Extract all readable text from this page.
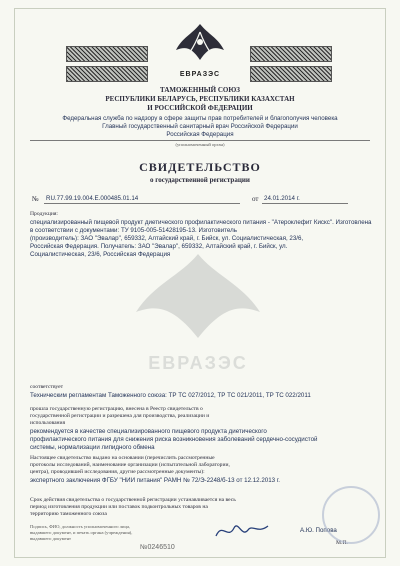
ЕВРАЗЭС
ТАМОЖЕННЫЙ СОЮЗ
РЕСПУБЛИКИ БЕЛАРУСЬ, РЕСПУБЛИКИ КАЗАХСТАН
И РОССИЙСКОЙ ФЕДЕРАЦИИ
Федеральная служба по надзору в сфере защиты прав потребителей и благополучия человека
Главный государственный санитарный врач Российской Федерации
Российская Федерация
(уполномоченный орган)
СВИДЕТЕЛЬСТВО
о государственной регистрации
№ RU.77.99.19.004.E.000485.01.14	от 24.01.2014 г.
Продукция:
специализированный пищевой продукт диетического профилактического питания - "Атероклефит Кискс". Изготовлена в соответствии с документами: ТУ 9105-005-51428195-13. Изготовитель
(производитель): ЗАО "Эвалар", 659332, Алтайский край, г. Бийск, ул. Социалистическая, 23/6,
Российская Федерация. Получатель: ЗАО "Эвалар", 659332, Алтайский край, г. Бийск, ул.
Социалистическая, 23/6, Российская Федерация
ЕВРАЗЭС
соответствует
Техническим регламентам Таможенного союза: ТР ТС 027/2012, ТР ТС 021/2011, ТР ТС 022/2011
прошла государственную регистрацию, внесена в Реестр свидетельств о
государственной регистрации и разрешена для производства, реализации и
использования
рекомендуется в качестве специализированного пищевого продукта диетического
профилактического питания для снижения риска возникновения заболеваний сердечно-сосудистой
системы, нормализации липидного обмена
Настоящее свидетельство выдано на основании (перечислить рассмотренные
протоколы исследований, наименование организации (испытательной лаборатории,
центра), проводившей исследования, другие рассмотренные документы):
экспертного заключения ФГБУ "НИИ питания" РАМН № 72/Э-2248/б-13 от 12.12.2013 г.
Срок действия свидетельства о государственной регистрации устанавливается на весь
период изготовления продукции или поставок подконтрольных товаров на
территорию таможенного союза
Подпись, ФИО, должность уполномоченного лица,
выдавшего документ, и печать органа (учреждения),
выдавшего документ
А.Ю. Попова
М.П.
№0246510
